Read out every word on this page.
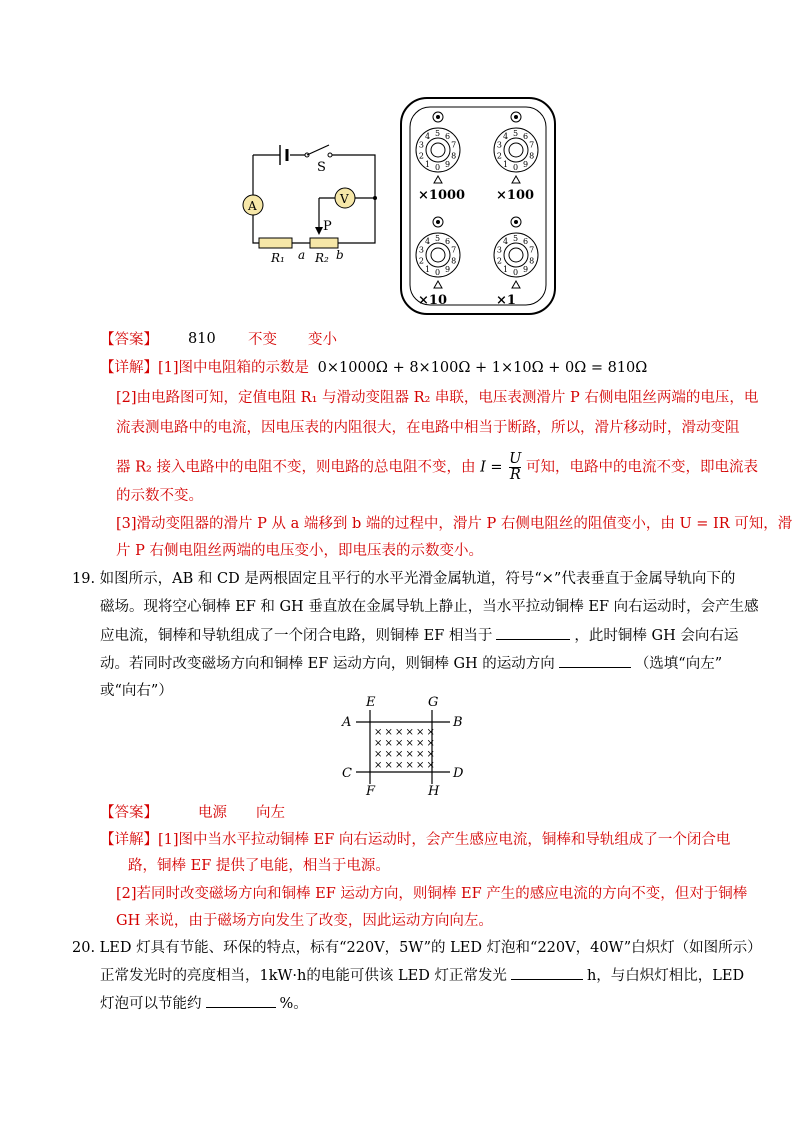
S
A	V
P
R₁ a R₂ b
0
1
2
3
4 5 6
7
8
9
×1000
0
1
2
3
4 5 6
7
8
9
×100
0
1
2
3
4 5 6
7
8
9
×10
0
1
2
3
4 5 6
7
8
9
×1
【答案】 810 不变 变小
【详解】[1]图中电阻箱的示数是 0×1000Ω + 8×100Ω + 1×10Ω + 0Ω = 810Ω
[2]由电路图可知，定值电阻 R₁ 与滑动变阻器 R₂ 串联，电压表测滑片 P 右侧电阻丝两端的电压，电
流表测电路中的电流，因电压表的内阻很大，在电路中相当于断路，所以，滑片移动时，滑动变阻
器 R₂ 接入电路中的电阻不变，则电路的总电阻不变，由 $I = \frac{U}{R}$ 可知，电路中的电流不变，即电流表
的示数不变。
[3]滑动变阻器的滑片 P 从 a 端移到 b 端的过程中，滑片 P 右侧电阻丝的阻值变小，由 U = IR 可知，滑
片 P 右侧电阻丝两端的电压变小，即电压表的示数变小。
19. 如图所示，AB 和 CD 是两根固定且平行的水平光滑金属轨道，符号“×”代表垂直于金属导轨向下的
磁场。现将空心铜棒 EF 和 GH 垂直放在金属导轨上静止，当水平拉动铜棒 EF 向右运动时，会产生感
应电流，铜棒和导轨组成了一个闭合电路，则铜棒 EF 相当于	，此时铜棒 GH 会向右运
动。若同时改变磁场方向和铜棒 EF 运动方向，则铜棒 GH 的运动方向	（选填“向左”
或“向右”）
A	B
C	D
E	G
F	H
× × × × × ×
× × × × × ×
× × × × × ×
× × × × × ×
【答案】	电源 向左
【详解】[1]图中当水平拉动铜棒 EF 向右运动时，会产生感应电流，铜棒和导轨组成了一个闭合电
路，铜棒 EF 提供了电能，相当于电源。
[2]若同时改变磁场方向和铜棒 EF 运动方向，则铜棒 EF 产生的感应电流的方向不变，但对于铜棒
GH 来说，由于磁场方向发生了改变，因此运动方向向左。
20. LED 灯具有节能、环保的特点，标有“220V，5W”的 LED 灯泡和“220V，40W”白炽灯（如图所示）
正常发光时的亮度相当，1kW·h的电能可供该 LED 灯正常发光	h，与白炽灯相比，LED
灯泡可以节能约	%。
